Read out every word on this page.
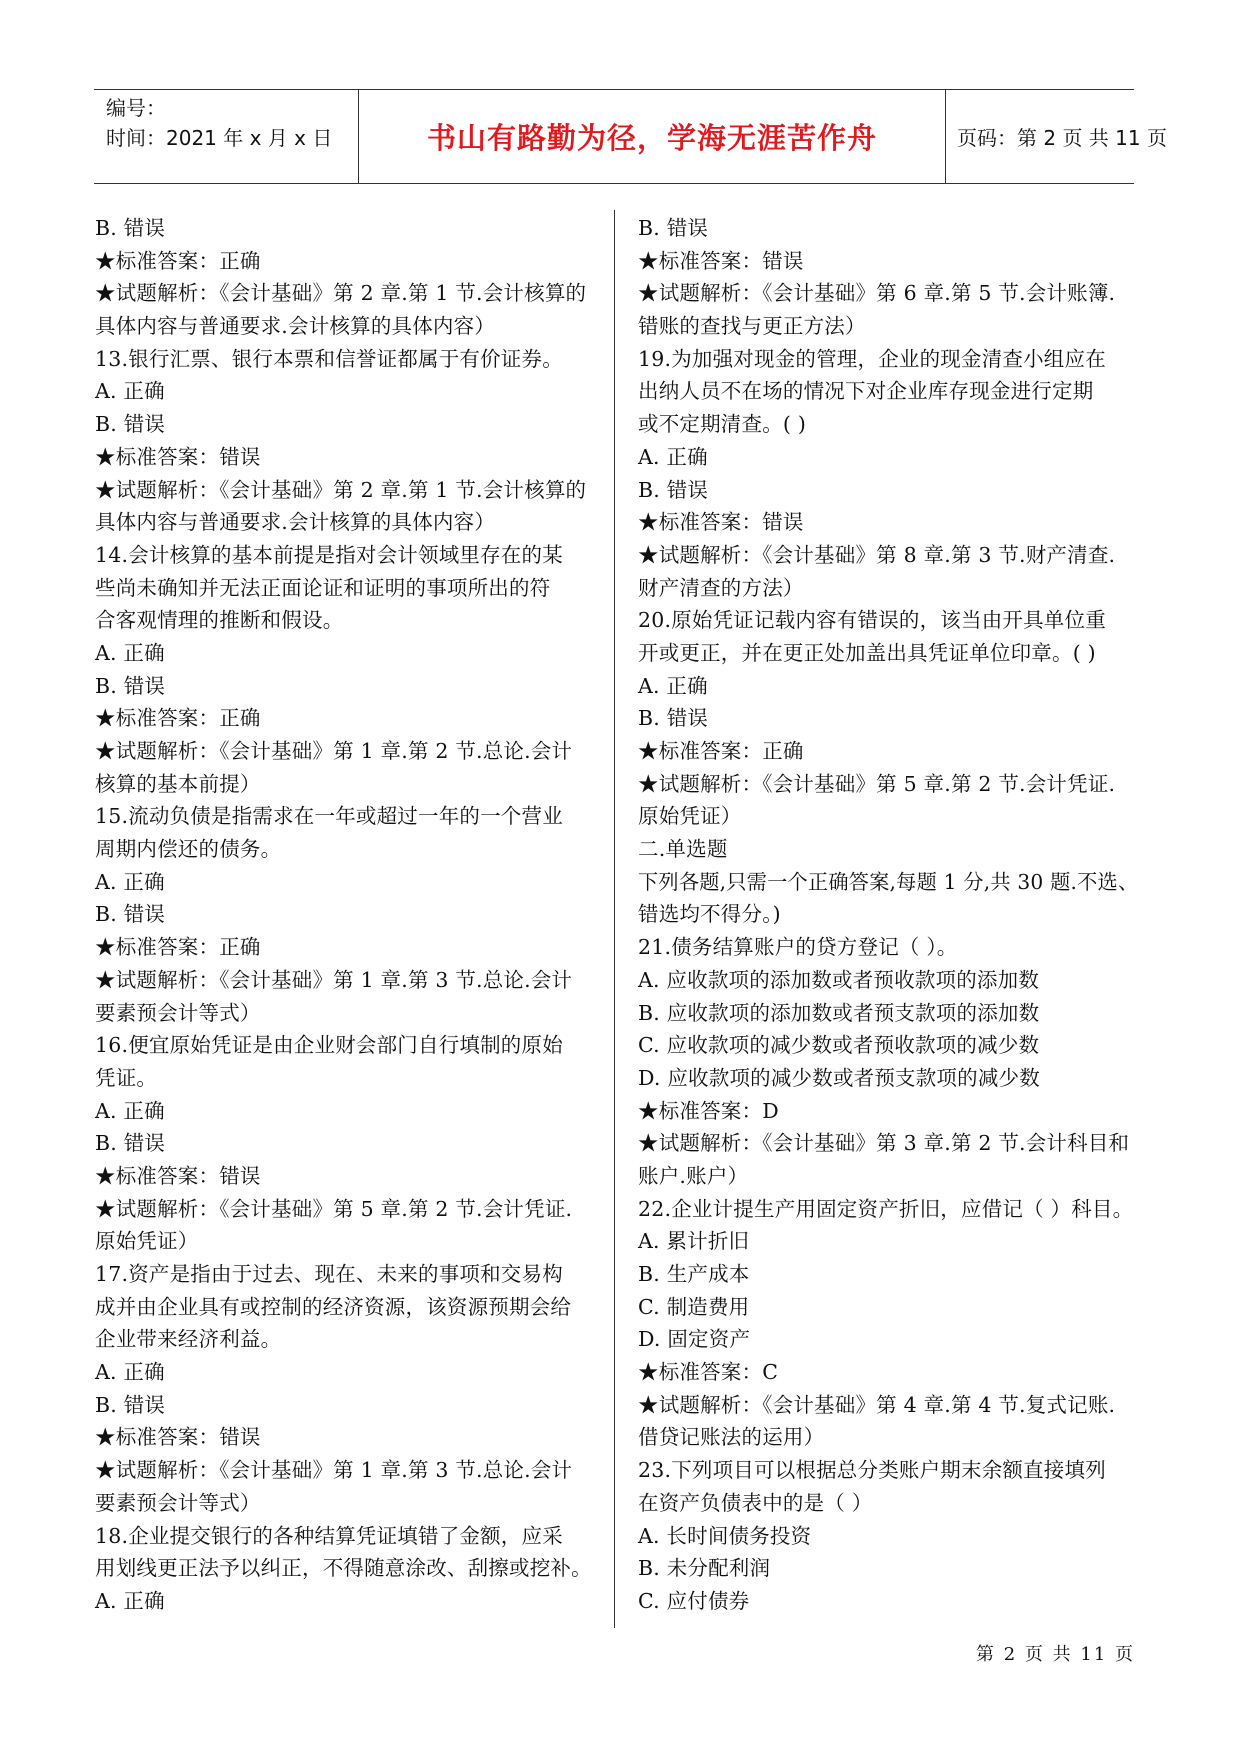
编号：
时间：2021 年 x 月 x 日	书山有路勤为径，学海无涯苦作舟	页码：第 2 页 共 11 页
B. 错误
★标准答案：正确
★试题解析：《会计基础》第 2 章.第 1 节.会计核算的
具体内容与普通要求.会计核算的具体内容）
13.银行汇票、银行本票和信誉证都属于有价证券。
A. 正确
B. 错误
★标准答案：错误
★试题解析：《会计基础》第 2 章.第 1 节.会计核算的
具体内容与普通要求.会计核算的具体内容）
14.会计核算的基本前提是指对会计领域里存在的某
些尚未确知并无法正面论证和证明的事项所出的符
合客观情理的推断和假设。
A. 正确
B. 错误
★标准答案：正确
★试题解析：《会计基础》第 1 章.第 2 节.总论.会计
核算的基本前提）
15.流动负债是指需求在一年或超过一年的一个营业
周期内偿还的债务。
A. 正确
B. 错误
★标准答案：正确
★试题解析：《会计基础》第 1 章.第 3 节.总论.会计
要素预会计等式）
16.便宜原始凭证是由企业财会部门自行填制的原始
凭证。
A. 正确
B. 错误
★标准答案：错误
★试题解析：《会计基础》第 5 章.第 2 节.会计凭证.
原始凭证）
17.资产是指由于过去、现在、未来的事项和交易构
成并由企业具有或控制的经济资源，该资源预期会给
企业带来经济利益。
A. 正确
B. 错误
★标准答案：错误
★试题解析：《会计基础》第 1 章.第 3 节.总论.会计
要素预会计等式）
18.企业提交银行的各种结算凭证填错了金额，应采
用划线更正法予以纠正，不得随意涂改、刮擦或挖补。
A. 正确
B. 错误
★标准答案：错误
★试题解析：《会计基础》第 6 章.第 5 节.会计账簿.
错账的查找与更正方法）
19.为加强对现金的管理，企业的现金清查小组应在
出纳人员不在场的情况下对企业库存现金进行定期
或不定期清查。( )
A. 正确
B. 错误
★标准答案：错误
★试题解析：《会计基础》第 8 章.第 3 节.财产清查.
财产清查的方法）
20.原始凭证记载内容有错误的，该当由开具单位重
开或更正，并在更正处加盖出具凭证单位印章。( )
A. 正确
B. 错误
★标准答案：正确
★试题解析：《会计基础》第 5 章.第 2 节.会计凭证.
原始凭证）
二.单选题
下列各题,只需一个正确答案,每题 1 分,共 30 题.不选、
错选均不得分。)
21.债务结算账户的贷方登记（ ）。
A. 应收款项的添加数或者预收款项的添加数
B. 应收款项的添加数或者预支款项的添加数
C. 应收款项的减少数或者预收款项的减少数
D. 应收款项的减少数或者预支款项的减少数
★标准答案：D
★试题解析：《会计基础》第 3 章.第 2 节.会计科目和
账户.账户）
22.企业计提生产用固定资产折旧，应借记（ ）科目。
A. 累计折旧
B. 生产成本
C. 制造费用
D. 固定资产
★标准答案：C
★试题解析：《会计基础》第 4 章.第 4 节.复式记账.
借贷记账法的运用）
23.下列项目可以根据总分类账户期末余额直接填列
在资产负债表中的是（ ）
A. 长时间债务投资
B. 未分配利润
C. 应付债券
第 2 页 共 11 页
